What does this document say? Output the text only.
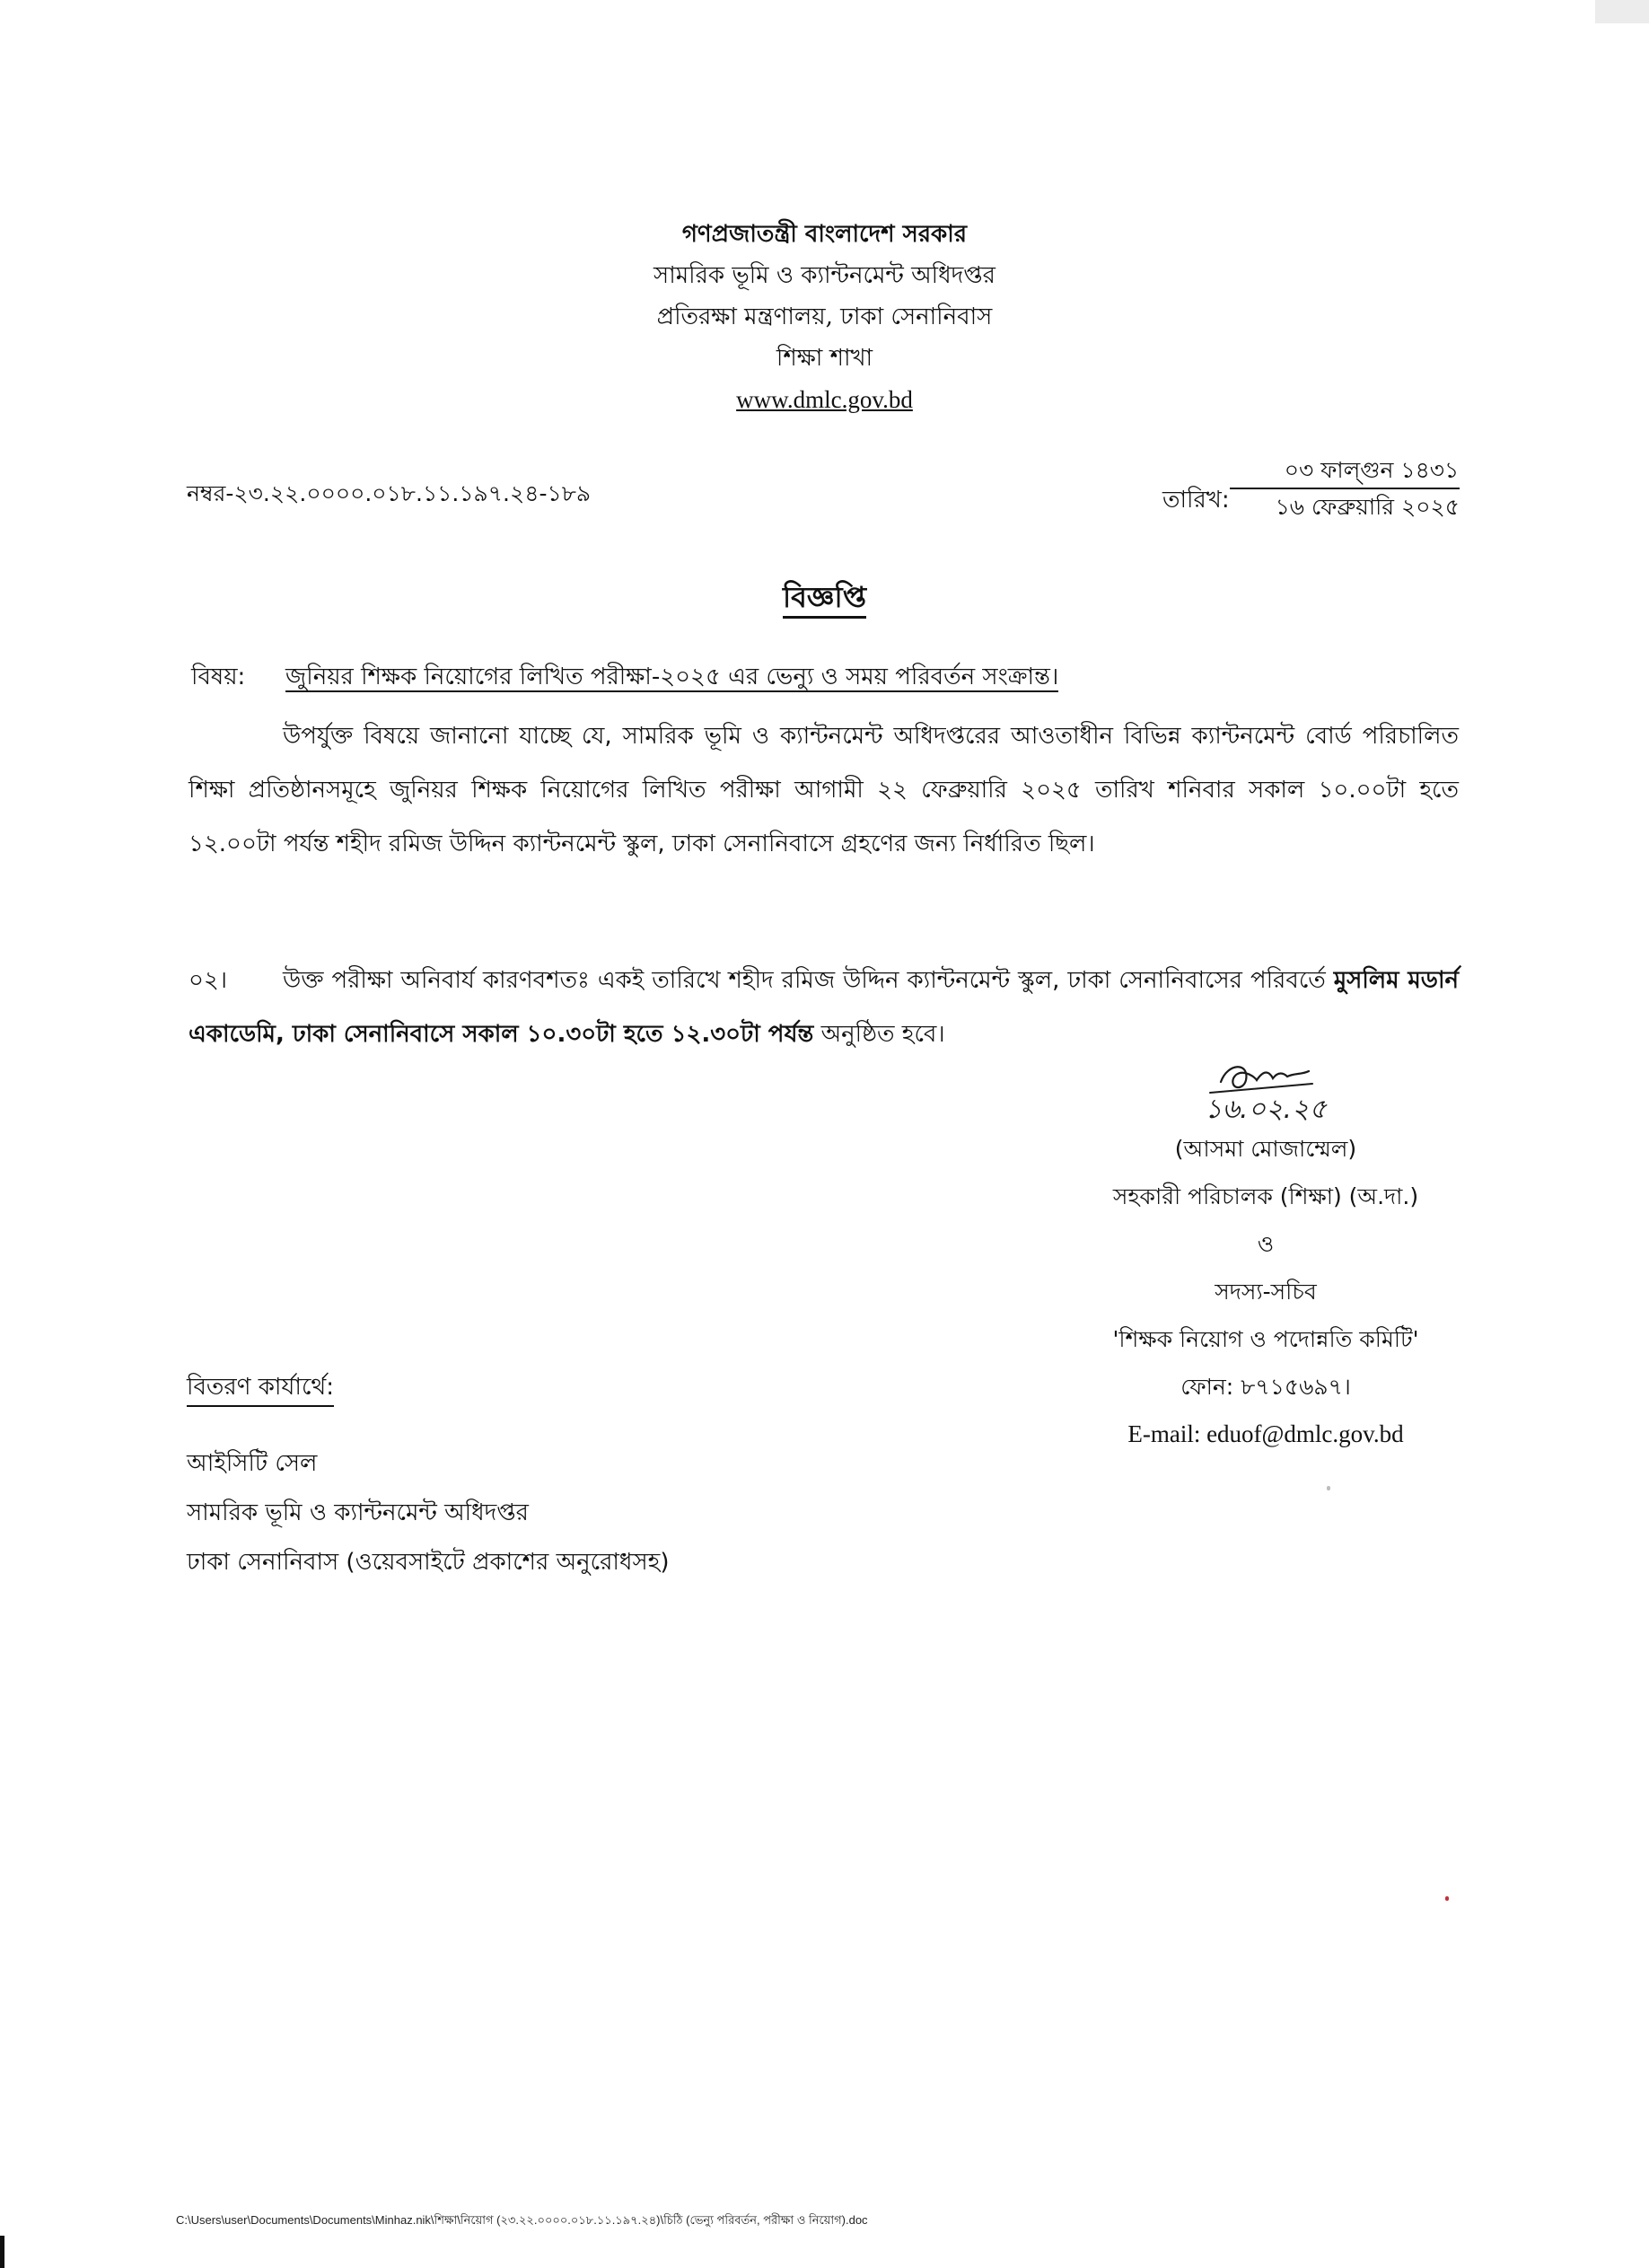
গণপ্রজাতন্ত্রী বাংলাদেশ সরকার
সামরিক ভূমি ও ক্যান্টনমেন্ট অধিদপ্তর
প্রতিরক্ষা মন্ত্রণালয়, ঢাকা সেনানিবাস
শিক্ষা শাখা
www.dmlc.gov.bd
নম্বর-২৩.২২.০০০০.০১৮.১১.১৯৭.২৪-১৮৯	তারিখ:
০৩ ফাল্গুন ১৪৩১
১৬ ফেব্রুয়ারি ২০২৫
বিজ্ঞপ্তি
বিষয়: জুনিয়র শিক্ষক নিয়োগের লিখিত পরীক্ষা-২০২৫ এর ভেন্যু ও সময় পরিবর্তন সংক্রান্ত।
উপর্যুক্ত বিষয়ে জানানো যাচ্ছে যে, সামরিক ভূমি ও ক্যান্টনমেন্ট অধিদপ্তরের আওতাধীন বিভিন্ন ক্যান্টনমেন্ট বোর্ড পরিচালিত শিক্ষা প্রতিষ্ঠানসমূহে জুনিয়র শিক্ষক নিয়োগের লিখিত পরীক্ষা আগামী ২২ ফেব্রুয়ারি ২০২৫ তারিখ শনিবার সকাল ১০.০০টা হতে ১২.০০টা পর্যন্ত শহীদ রমিজ উদ্দিন ক্যান্টনমেন্ট স্কুল, ঢাকা সেনানিবাসে গ্রহণের জন্য নির্ধারিত ছিল।
০২। উক্ত পরীক্ষা অনিবার্য কারণবশতঃ একই তারিখে শহীদ রমিজ উদ্দিন ক্যান্টনমেন্ট স্কুল, ঢাকা সেনানিবাসের পরিবর্তে মুসলিম মডার্ন একাডেমি, ঢাকা সেনানিবাসে সকাল ১০.৩০টা হতে ১২.৩০টা পর্যন্ত অনুষ্ঠিত হবে।
১৬.০২.২৫
(আসমা মোজাম্মেল)
সহকারী পরিচালক (শিক্ষা) (অ.দা.)
ও
সদস্য-সচিব
'শিক্ষক নিয়োগ ও পদোন্নতি কমিটি'
ফোন: ৮৭১৫৬৯৭।
E-mail: eduof@dmlc.gov.bd
বিতরণ কার্যার্থে:
আইসিটি সেল
সামরিক ভূমি ও ক্যান্টনমেন্ট অধিদপ্তর
ঢাকা সেনানিবাস (ওয়েবসাইটে প্রকাশের অনুরোধসহ)
C:\Users\user\Documents\Documents\Minhaz.nik\শিক্ষা\নিয়োগ (২৩.২২.০০০০.০১৮.১১.১৯৭.২৪)\চিঠি (ভেন্যু পরিবর্তন, পরীক্ষা ও নিয়োগ).doc
